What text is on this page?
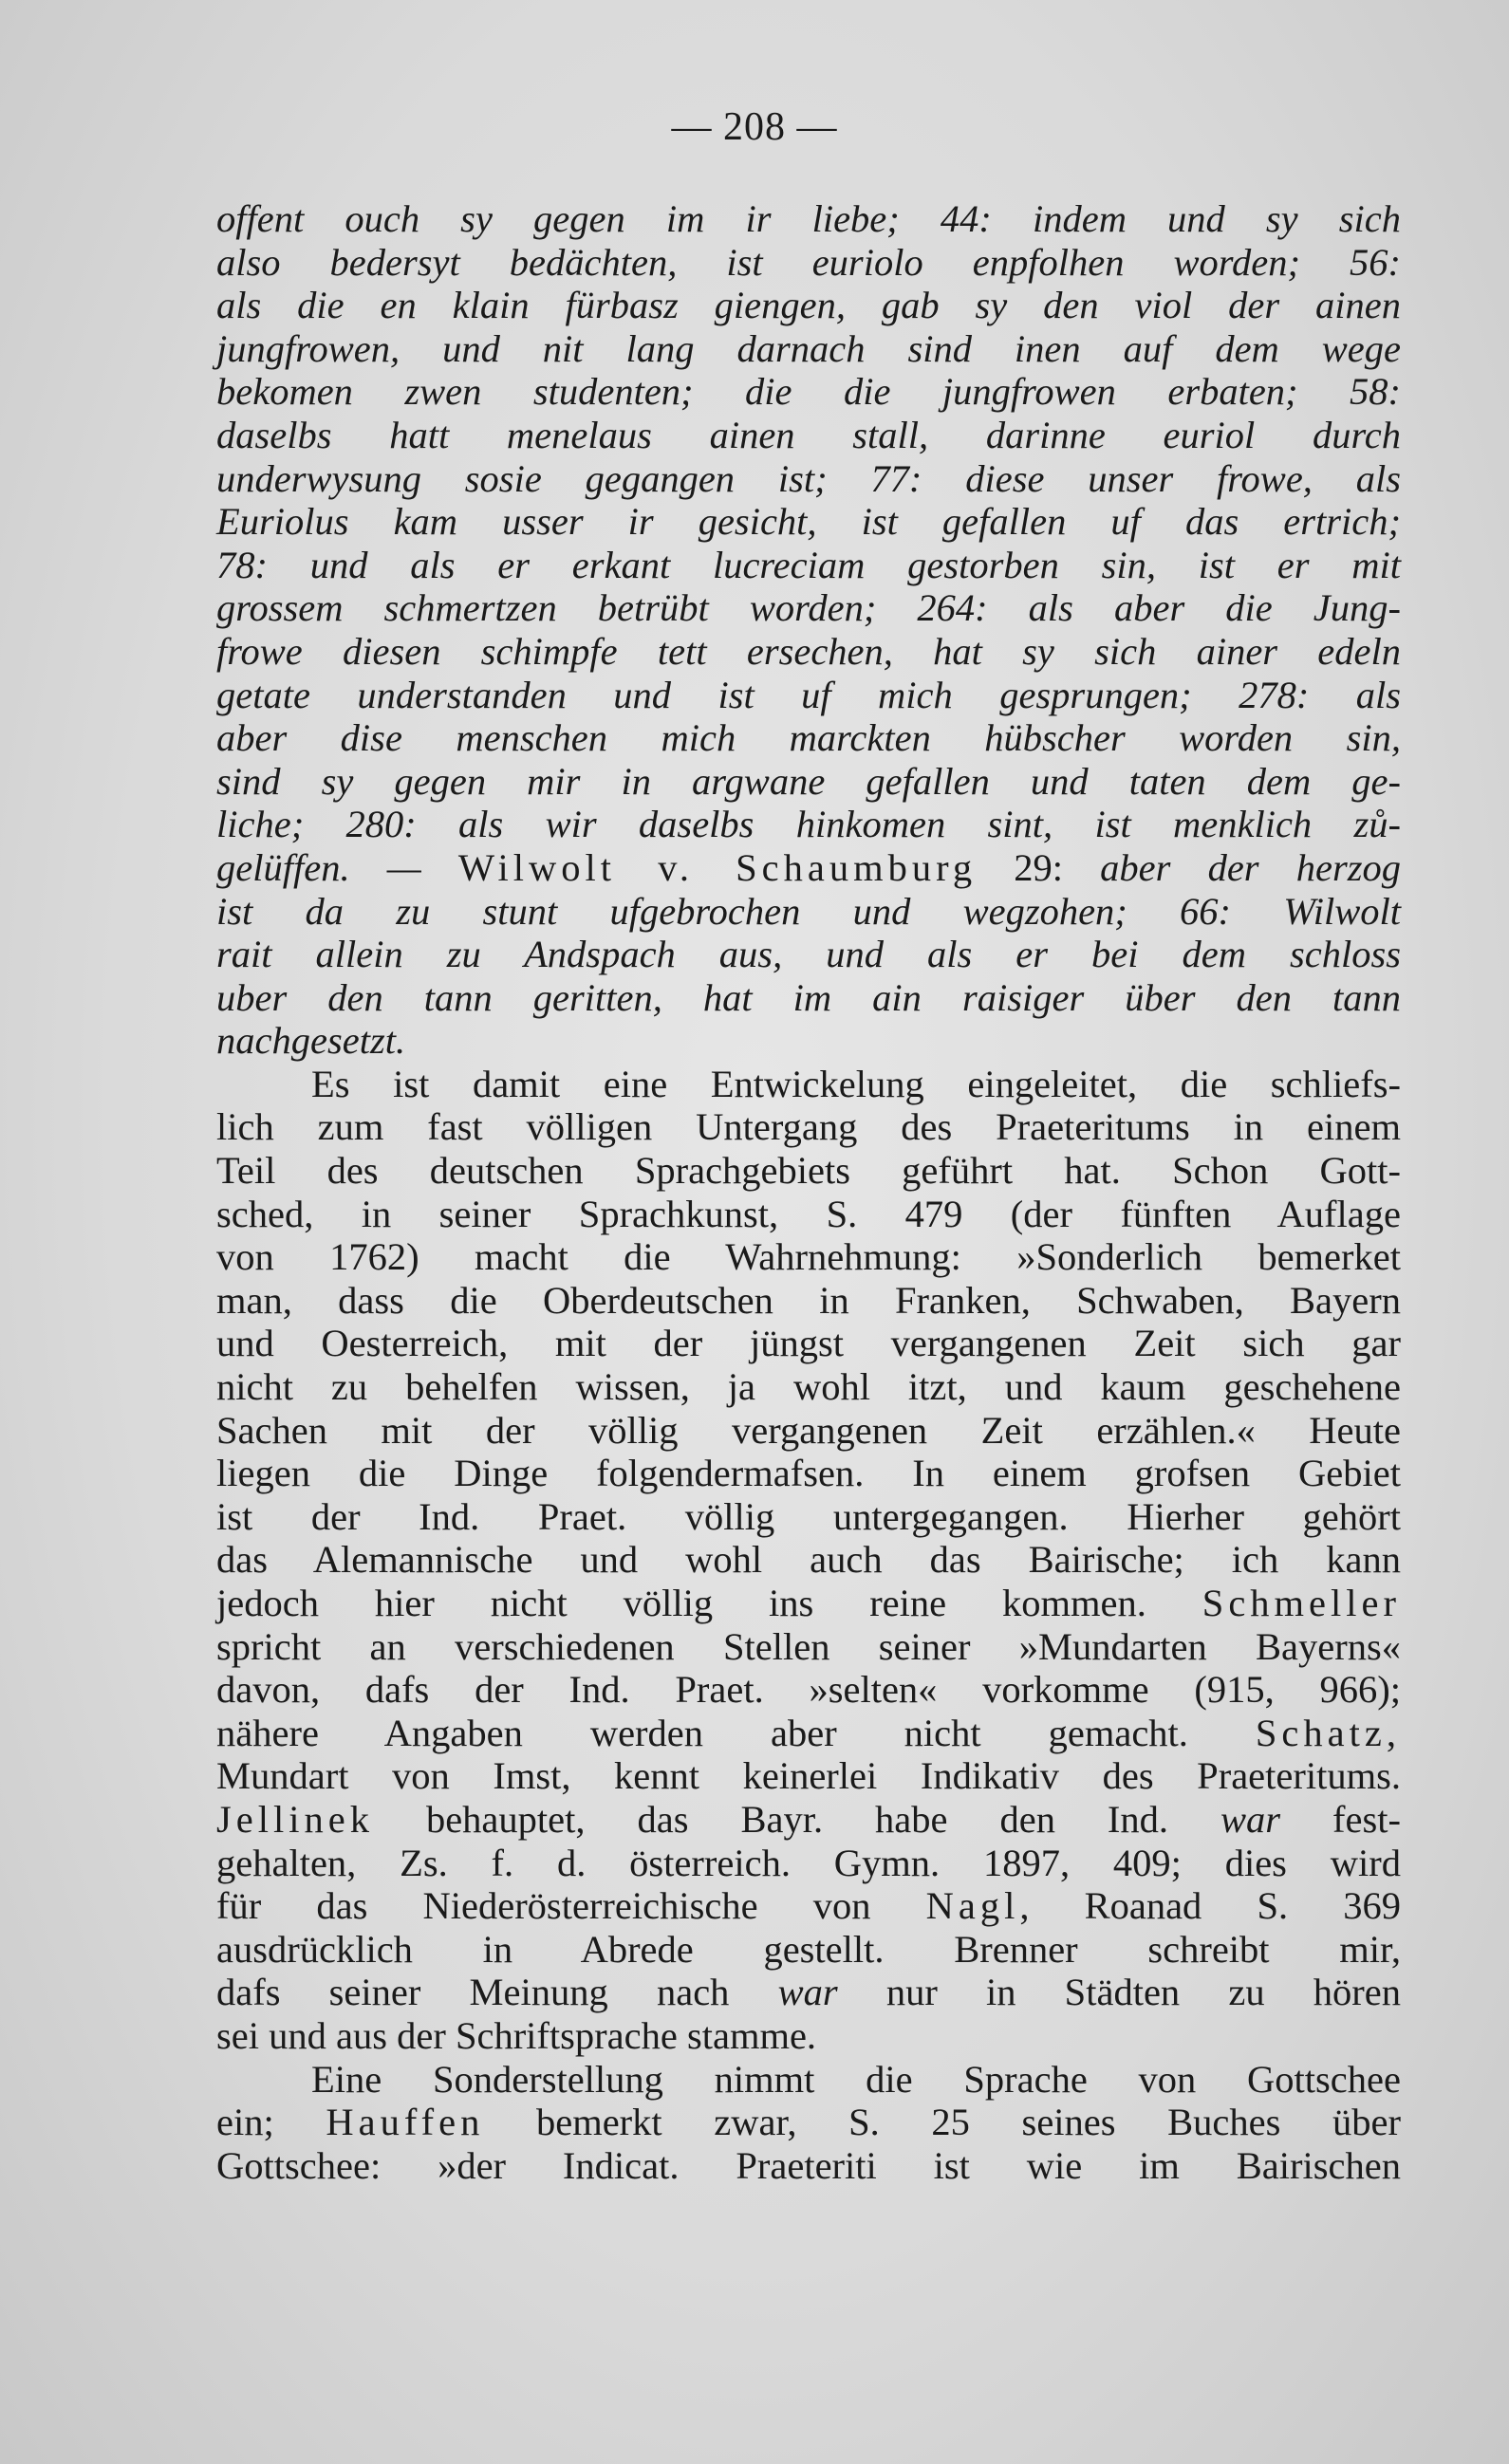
— 208 —
offent ouch sy gegen im ir liebe; 44: indem und sy sich
also bedersyt bedächten, ist euriolo enpfolhen worden; 56:
als die en klain fürbasz giengen, gab sy den viol der ainen
jungfrowen, und nit lang darnach sind inen auf dem wege
bekomen zwen studenten; die die jungfrowen erbaten; 58:
daselbs hatt menelaus ainen stall, darinne euriol durch
underwysung sosie gegangen ist; 77: diese unser frowe, als
Euriolus kam usser ir gesicht, ist gefallen uf das ertrich;
78: und als er erkant lucreciam gestorben sin, ist er mit
grossem schmertzen betrübt worden; 264: als aber die Jung-
frowe diesen schimpfe tett ersechen, hat sy sich ainer edeln
getate understanden und ist uf mich gesprungen; 278: als
aber dise menschen mich marckten hübscher worden sin,
sind sy gegen mir in argwane gefallen und taten dem ge-
liche; 280: als wir daselbs hinkomen sint, ist menklich zů-
gelüffen. — Wilwolt v. Schaumburg 29: aber der herzog
ist da zu stunt ufgebrochen und wegzohen; 66: Wilwolt
rait allein zu Andspach aus, und als er bei dem schloss
uber den tann geritten, hat im ain raisiger über den tann
nachgesetzt.
Es ist damit eine Entwickelung eingeleitet, die schliefs-
lich zum fast völligen Untergang des Praeteritums in einem
Teil des deutschen Sprachgebiets geführt hat. Schon Gott-
sched, in seiner Sprachkunst, S. 479 (der fünften Auflage
von 1762) macht die Wahrnehmung: »Sonderlich bemerket
man, dass die Oberdeutschen in Franken, Schwaben, Bayern
und Oesterreich, mit der jüngst vergangenen Zeit sich gar
nicht zu behelfen wissen, ja wohl itzt, und kaum geschehene
Sachen mit der völlig vergangenen Zeit erzählen.« Heute
liegen die Dinge folgendermafsen. In einem grofsen Gebiet
ist der Ind. Praet. völlig untergegangen. Hierher gehört
das Alemannische und wohl auch das Bairische; ich kann
jedoch hier nicht völlig ins reine kommen. Schmeller
spricht an verschiedenen Stellen seiner »Mundarten Bayerns«
davon, dafs der Ind. Praet. »selten« vorkomme (915, 966);
nähere Angaben werden aber nicht gemacht. Schatz,
Mundart von Imst, kennt keinerlei Indikativ des Praeteritums.
Jellinek behauptet, das Bayr. habe den Ind. war fest-
gehalten, Zs. f. d. österreich. Gymn. 1897, 409; dies wird
für das Niederösterreichische von Nagl, Roanad S. 369
ausdrücklich in Abrede gestellt. Brenner schreibt mir,
dafs seiner Meinung nach war nur in Städten zu hören
sei und aus der Schriftsprache stamme.
Eine Sonderstellung nimmt die Sprache von Gottschee
ein; Hauffen bemerkt zwar, S. 25 seines Buches über
Gottschee: »der Indicat. Praeteriti ist wie im Bairischen
